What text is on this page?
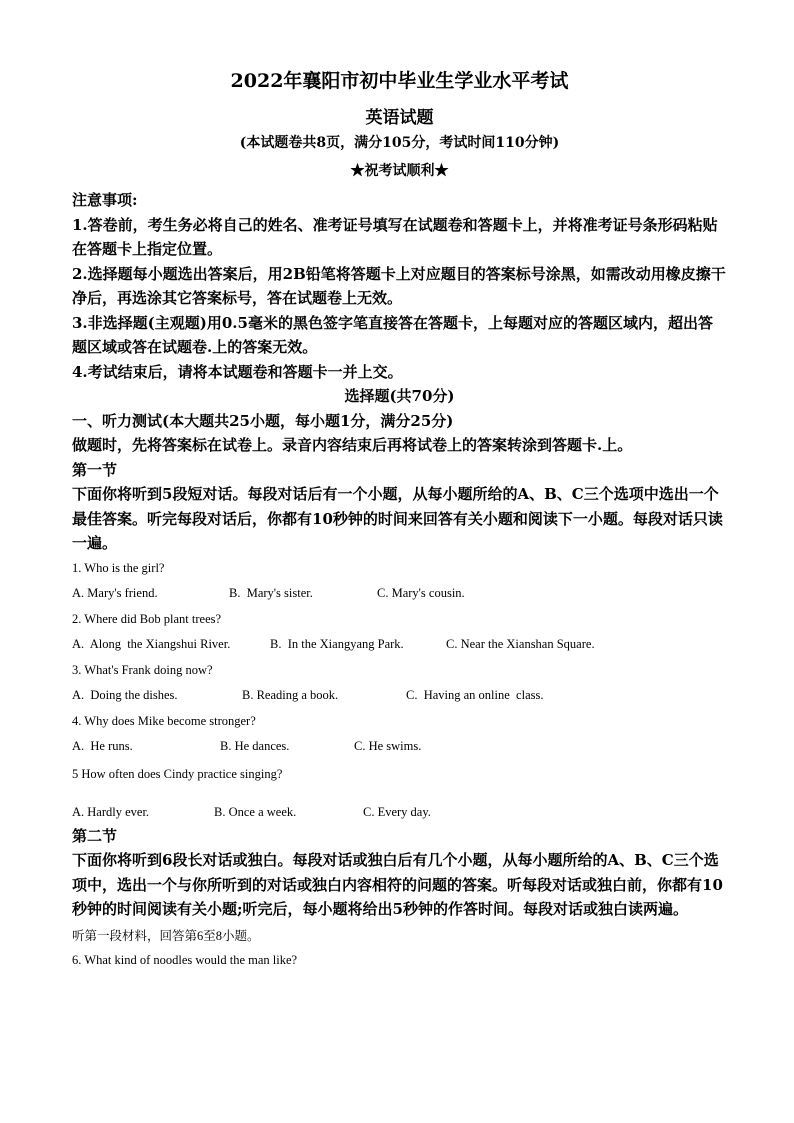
2022年襄阳市初中毕业生学业水平考试
英语试题
(本试题卷共8页，满分105分，考试时间110分钟)
★祝考试顺利★

注意事项:

1.答卷前，考生务必将自己的姓名、准考证号填写在试题卷和答题卡上，并将准考证号条形码粘贴在答题卡上指定位置。

2.选择题每小题选出答案后，用2B铅笔将答题卡上对应题目的答案标号涂黑，如需改动用橡皮擦干净后，再选涂其它答案标号，答在试题卷上无效。

3.非选择题(主观题)用0.5毫米的黑色签字笔直接答在答题卡，上每题对应的答题区域内，超出答题区域或答在试题卷.上的答案无效。

4.考试结束后，请将本试题卷和答题卡一并上交。

选择题(共70分)

一、听力测试(本大题共25小题，每小题1分，满分25分)

做题时，先将答案标在试卷上。录音内容结束后再将试卷上的答案转涂到答题卡.上。

第一节

下面你将听到5段短对话。每段对话后有一个小题，从每小题所给的A、B、C三个选项中选出一个最佳答案。听完每段对话后，你都有10秒钟的时间来回答有关小题和阅读下一小题。每段对话只读一遍。

1. Who is the girl?

A. Mary's friend.	B.  Mary's sister.	C. Mary's cousin.

2. Where did Bob plant trees?

A.  Along  the Xiangshui River.	B.  In the Xiangyang Park.	C. Near the Xianshan Square.

3. What's Frank doing now?

A.  Doing the dishes.	B. Reading a book.	C.  Having an online  class.

4. Why does Mike become stronger?

A.  He runs.	B. He dances.	C. He swims.

5 How often does Cindy practice singing?

A. Hardly ever.	B. Once a week.	C. Every day.

第二节

下面你将听到6段长对话或独白。每段对话或独白后有几个小题，从每小题所给的A、B、C三个选项中，选出一个与你所听到的对话或独白内容相符的问题的答案。听每段对话或独白前，你都有10秒钟的时间阅读有关小题;听完后，每小题将给出5秒钟的作答时间。每段对话或独白读两遍。

听第一段材料，回答第6至8小题。

6. What kind of noodles would the man like?
